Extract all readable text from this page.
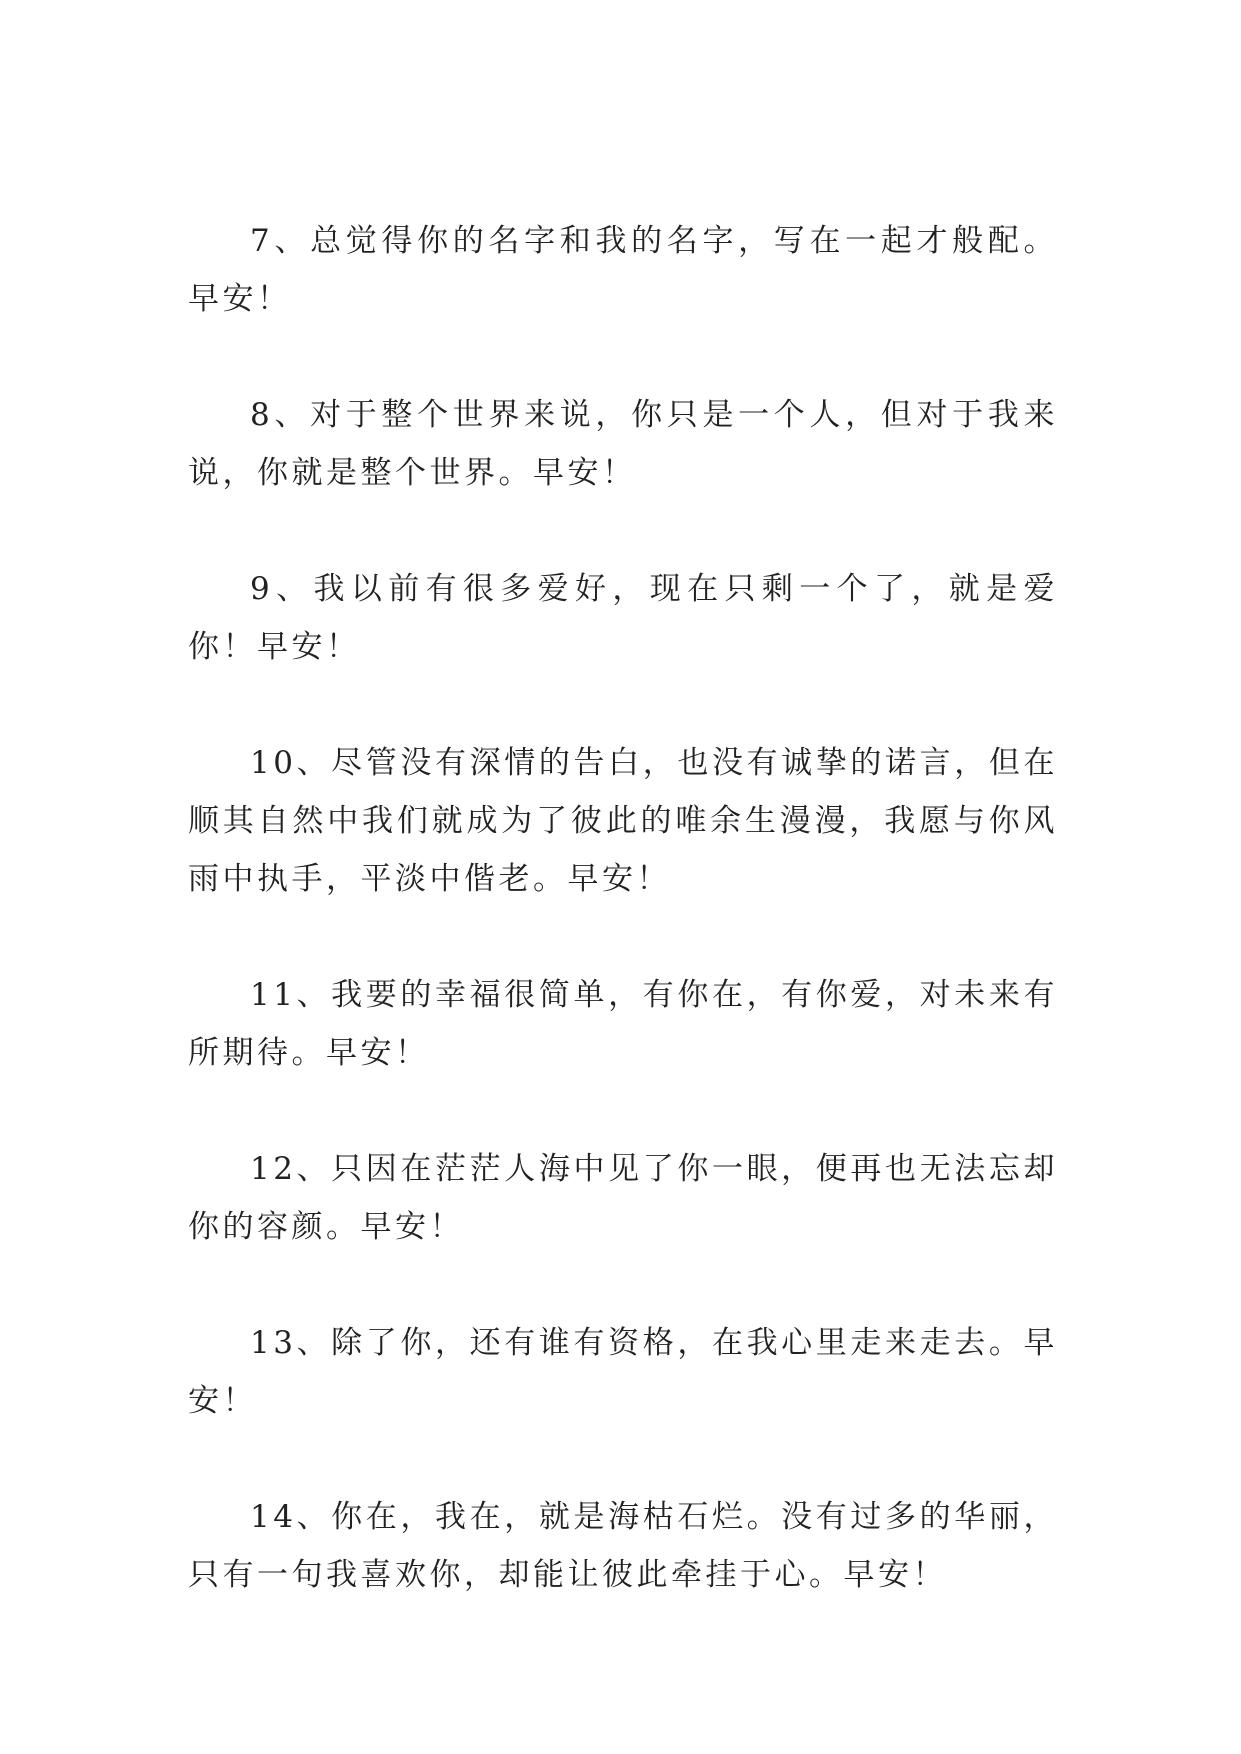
7、总觉得你的名字和我的名字，写在一起才般配。早安！

8、对于整个世界来说，你只是一个人，但对于我来说，你就是整个世界。早安！

9、我以前有很多爱好，现在只剩一个了，就是爱你！早安！

10、尽管没有深情的告白，也没有诚挚的诺言，但在顺其自然中我们就成为了彼此的唯余生漫漫，我愿与你风雨中执手，平淡中偕老。早安！

11、我要的幸福很简单，有你在，有你爱，对未来有所期待。早安！

12、只因在茫茫人海中见了你一眼，便再也无法忘却你的容颜。早安！

13、除了你，还有谁有资格，在我心里走来走去。早安！

14、你在，我在，就是海枯石烂。没有过多的华丽，只有一句我喜欢你，却能让彼此牵挂于心。早安！
